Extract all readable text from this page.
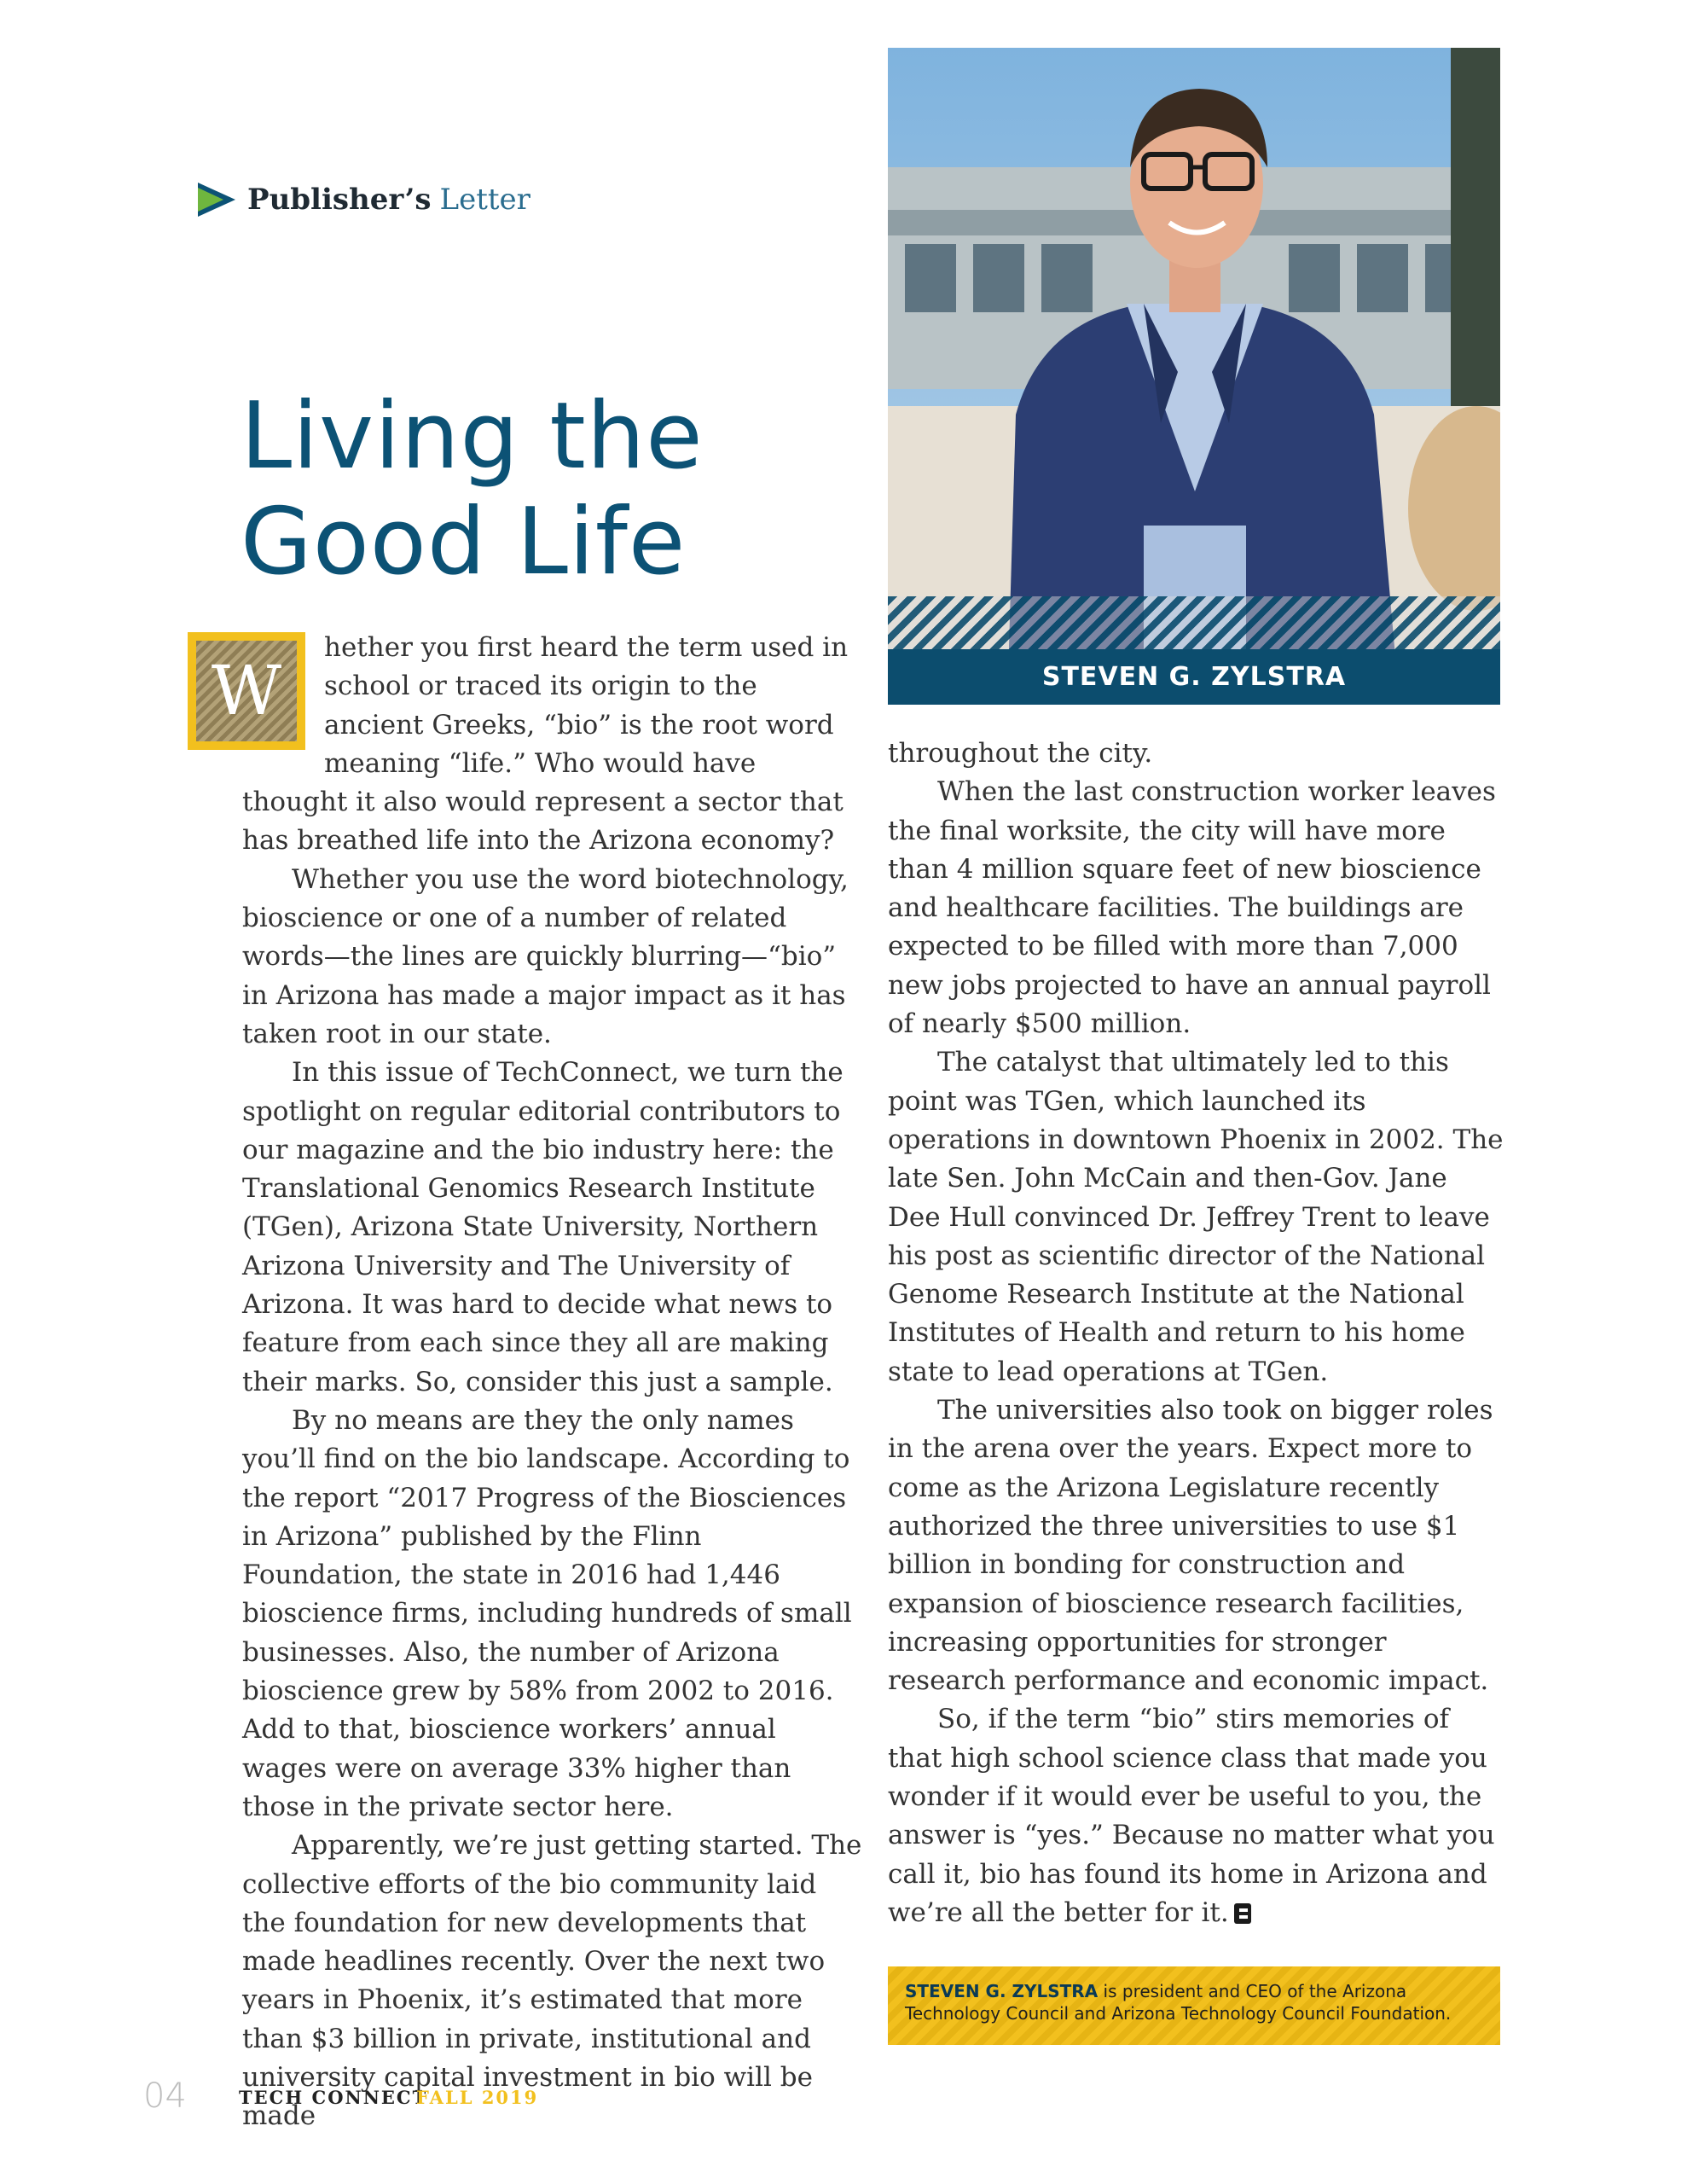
Publisher’s Letter
Living the
Good Life
STEVEN G. ZYLSTRA
W

hether you first heard the term used in school or traced its origin to the ancient Greeks, “bio” is the root word meaning “life.” Who would have thought it also would represent a sector that has breathed life into the Arizona economy?

Whether you use the word biotechnology, bioscience or one of a number of related words—the lines are quickly blurring—“bio” in Arizona has made a major impact as it has taken root in our state.

In this issue of TechConnect, we turn the spotlight on regular editorial contributors to our magazine and the bio industry here: the Translational Genomics Research Institute (TGen), Arizona State University, Northern Arizona University and The University of Arizona. It was hard to decide what news to feature from each since they all are making their marks. So, consider this just a sample.

By no means are they the only names you’ll find on the bio landscape. According to the report “2017 Progress of the Biosciences in Arizona” published by the Flinn Foundation, the state in 2016 had 1,446 bioscience firms, including hundreds of small businesses. Also, the number of Arizona bioscience grew by 58% from 2002 to 2016. Add to that, bioscience workers’ annual wages were on average 33% higher than those in the private sector here.

Apparently, we’re just getting started. The collective efforts of the bio community laid the foundation for new developments that made headlines recently. Over the next two years in Phoenix, it’s estimated that more than $3 billion in private, institutional and university capital investment in bio will be made

throughout the city.

When the last construction worker leaves the final worksite, the city will have more than 4 million square feet of new bioscience and healthcare facilities. The buildings are expected to be filled with more than 7,000 new jobs projected to have an annual payroll of nearly $500 million.

The catalyst that ultimately led to this point was TGen, which launched its operations in downtown Phoenix in 2002. The late Sen. John McCain and then-Gov. Jane Dee Hull convinced Dr. Jeffrey Trent to leave his post as scientific director of the National Genome Research Institute at the National Institutes of Health and return to his home state to lead operations at TGen.

The universities also took on bigger roles in the arena over the years. Expect more to come as the Arizona Legislature recently authorized the three universities to use $1 billion in bonding for construction and expansion of bioscience research facilities, increasing opportunities for stronger research performance and economic impact.

So, if the term “bio” stirs memories of that high school science class that made you wonder if it would ever be useful to you, the answer is “yes.” Because no matter what you call it, bio has found its home in Arizona and we’re all the better for it.

STEVEN G. ZYLSTRA is president and CEO of the Arizona Technology Council and Arizona Technology Council Foundation.
04	TECH CONNECT
FALL 2019
